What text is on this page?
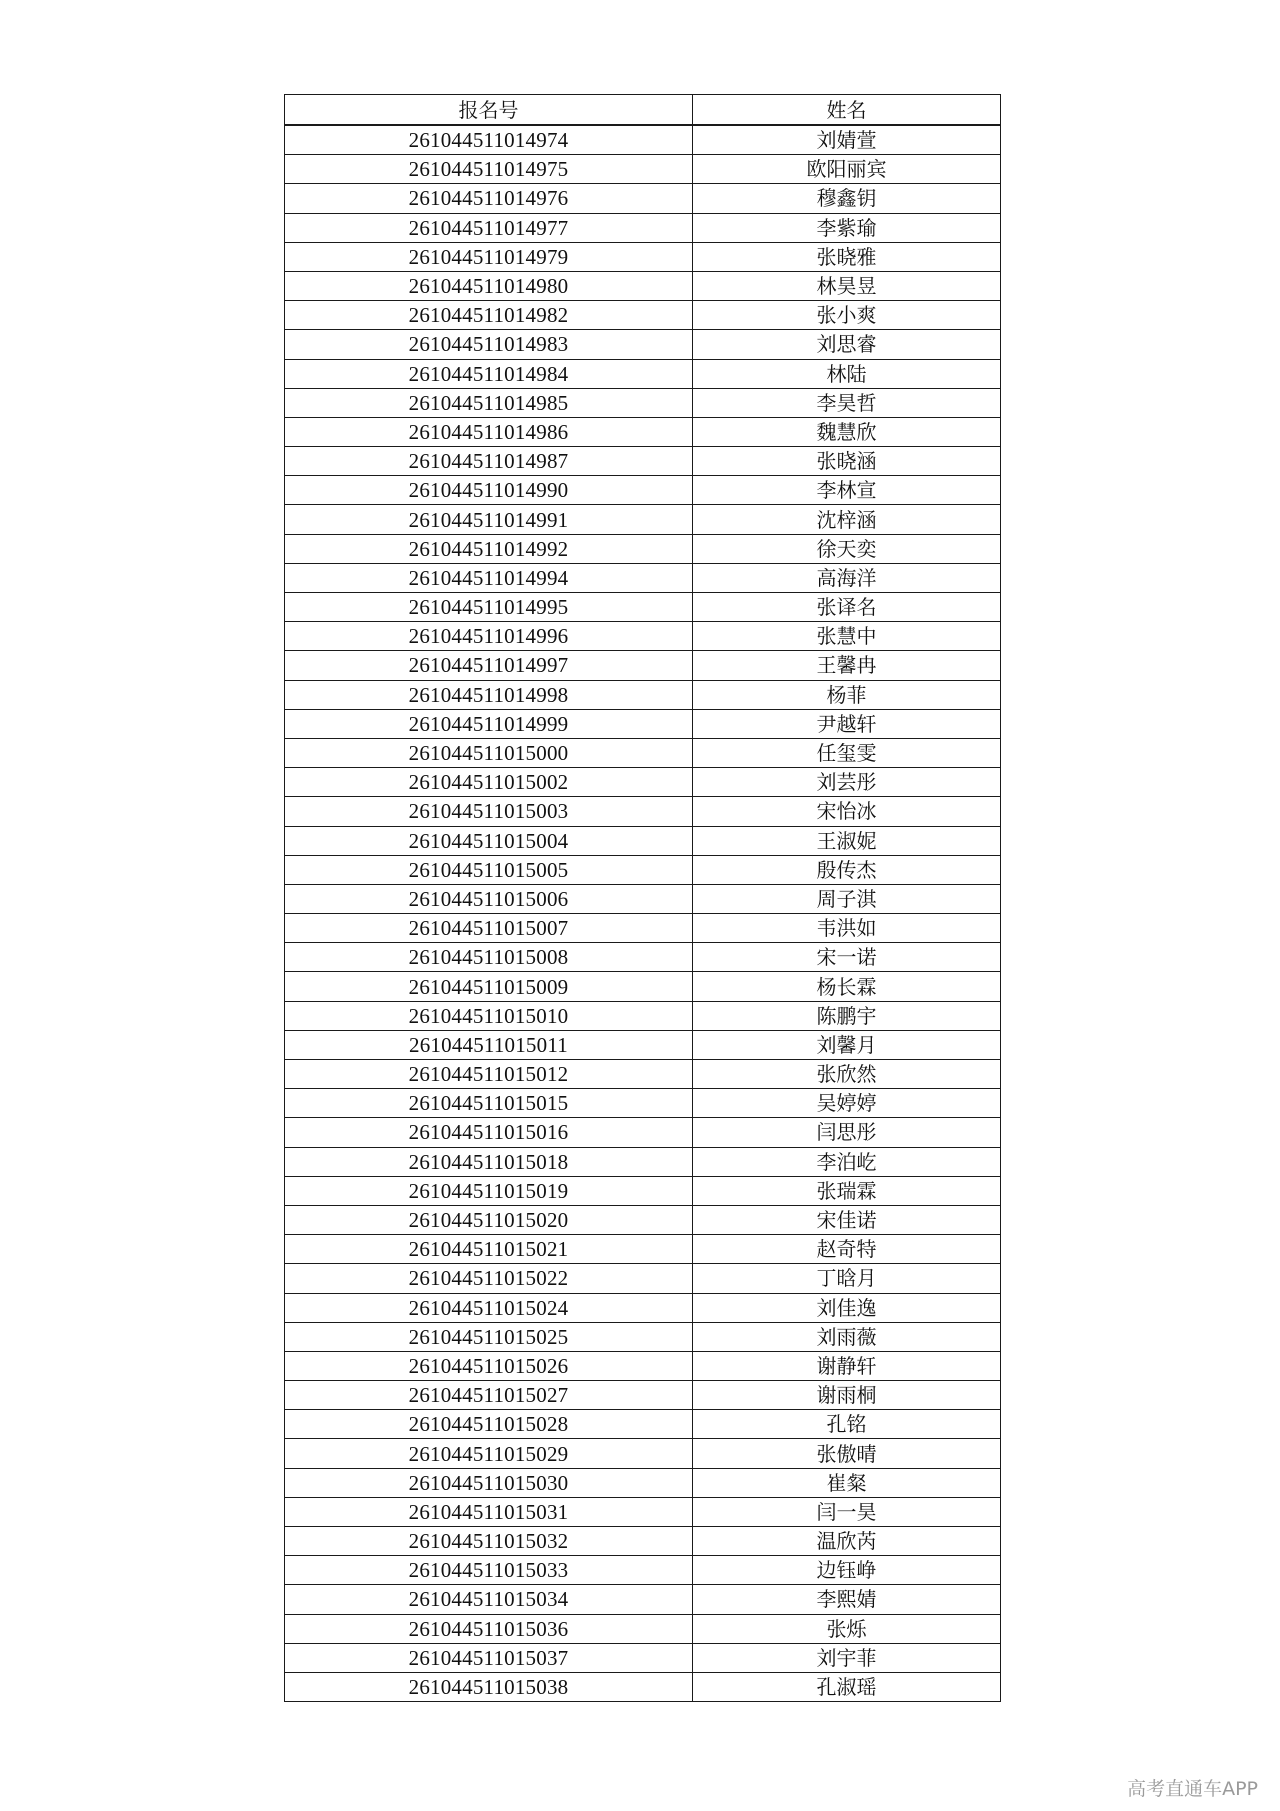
报名号	姓名
261044511014974	刘婧萱
261044511014975	欧阳丽宾
261044511014976	穆鑫钥
261044511014977	李紫瑜
261044511014979	张晓雅
261044511014980	林昊昱
261044511014982	张小爽
261044511014983	刘思睿
261044511014984	林陆
261044511014985	李昊哲
261044511014986	魏慧欣
261044511014987	张晓涵
261044511014990	李林宣
261044511014991	沈梓涵
261044511014992	徐天奕
261044511014994	高海洋
261044511014995	张译名
261044511014996	张慧中
261044511014997	王馨冉
261044511014998	杨菲
261044511014999	尹越轩
261044511015000	任玺雯
261044511015002	刘芸彤
261044511015003	宋怡冰
261044511015004	王淑妮
261044511015005	殷传杰
261044511015006	周子淇
261044511015007	韦洪如
261044511015008	宋一诺
261044511015009	杨长霖
261044511015010	陈鹏宇
261044511015011	刘馨月
261044511015012	张欣然
261044511015015	吴婷婷
261044511015016	闫思彤
261044511015018	李泊屹
261044511015019	张瑞霖
261044511015020	宋佳诺
261044511015021	赵奇特
261044511015022	丁晗月
261044511015024	刘佳逸
261044511015025	刘雨薇
261044511015026	谢静轩
261044511015027	谢雨桐
261044511015028	孔铭
261044511015029	张傲晴
261044511015030	崔粲
261044511015031	闫一昊
261044511015032	温欣芮
261044511015033	边钰峥
261044511015034	李熙婧
261044511015036	张烁
261044511015037	刘宇菲
261044511015038	孔淑瑶
高考直通车APP
